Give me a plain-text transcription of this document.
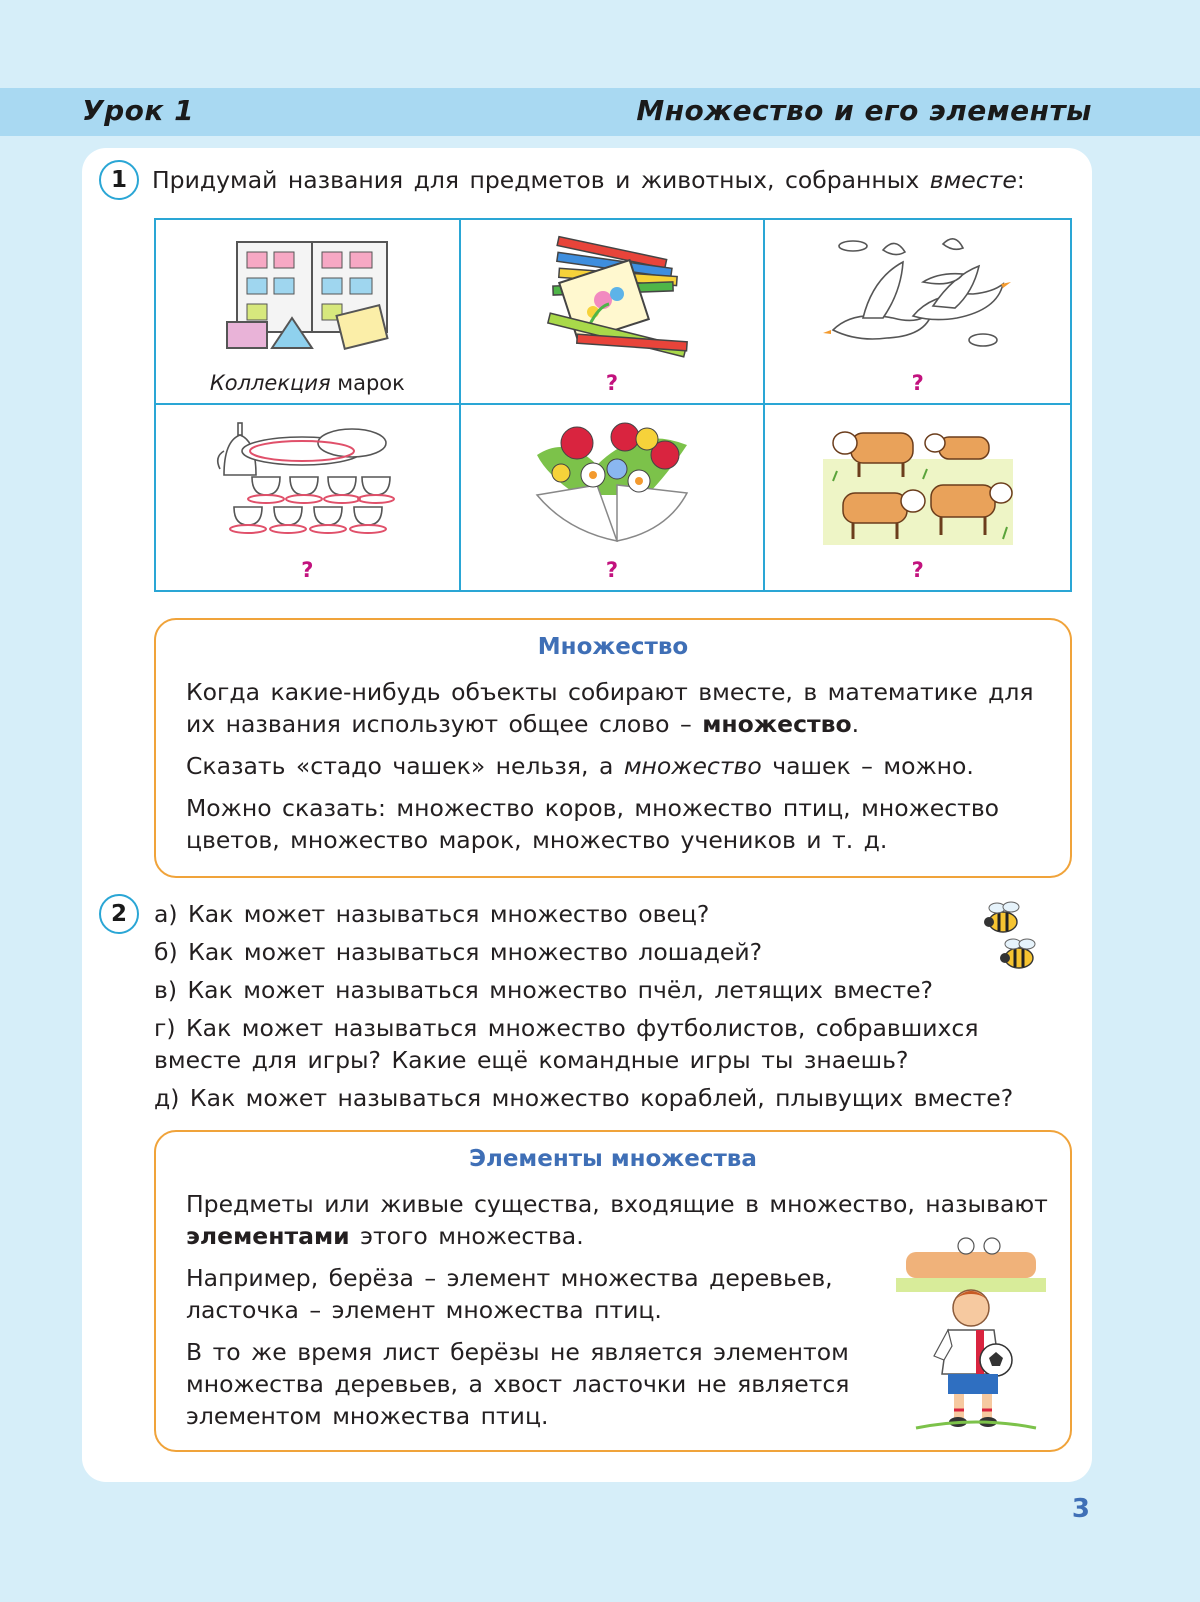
Урок 1	Множество и его элементы
1	Придумай названия для предметов и животных, собранных вместе:
Коллекция марок	?	?
?	?	?
Множество
Когда какие-нибудь объекты собирают вместе, в математике для
их названия используют общее слово – множество.
Сказать «стадо чашек» нельзя, а множество чашек – можно.
Можно сказать: множество коров, множество птиц, множество
цветов, множество марок, множество учеников и т. д.
2	а) Как может называться множество овец?
б) Как может называться множество лошадей?
в) Как может называться множество пчёл, летящих вместе?
г) Как может называться множество футболистов, собравшихся
вместе для игры? Какие ещё командные игры ты знаешь?
д) Как может называться множество кораблей, плывущих вместе?
Элементы множества
Предметы или живые существа, входящие в множество, называют
элементами этого множества.
Например, берёза – элемент множества деревьев,
ласточка – элемент множества птиц.
В то же время лист берёзы не является элементом
множества деревьев, а хвост ласточки не является
элементом множества птиц.
3
